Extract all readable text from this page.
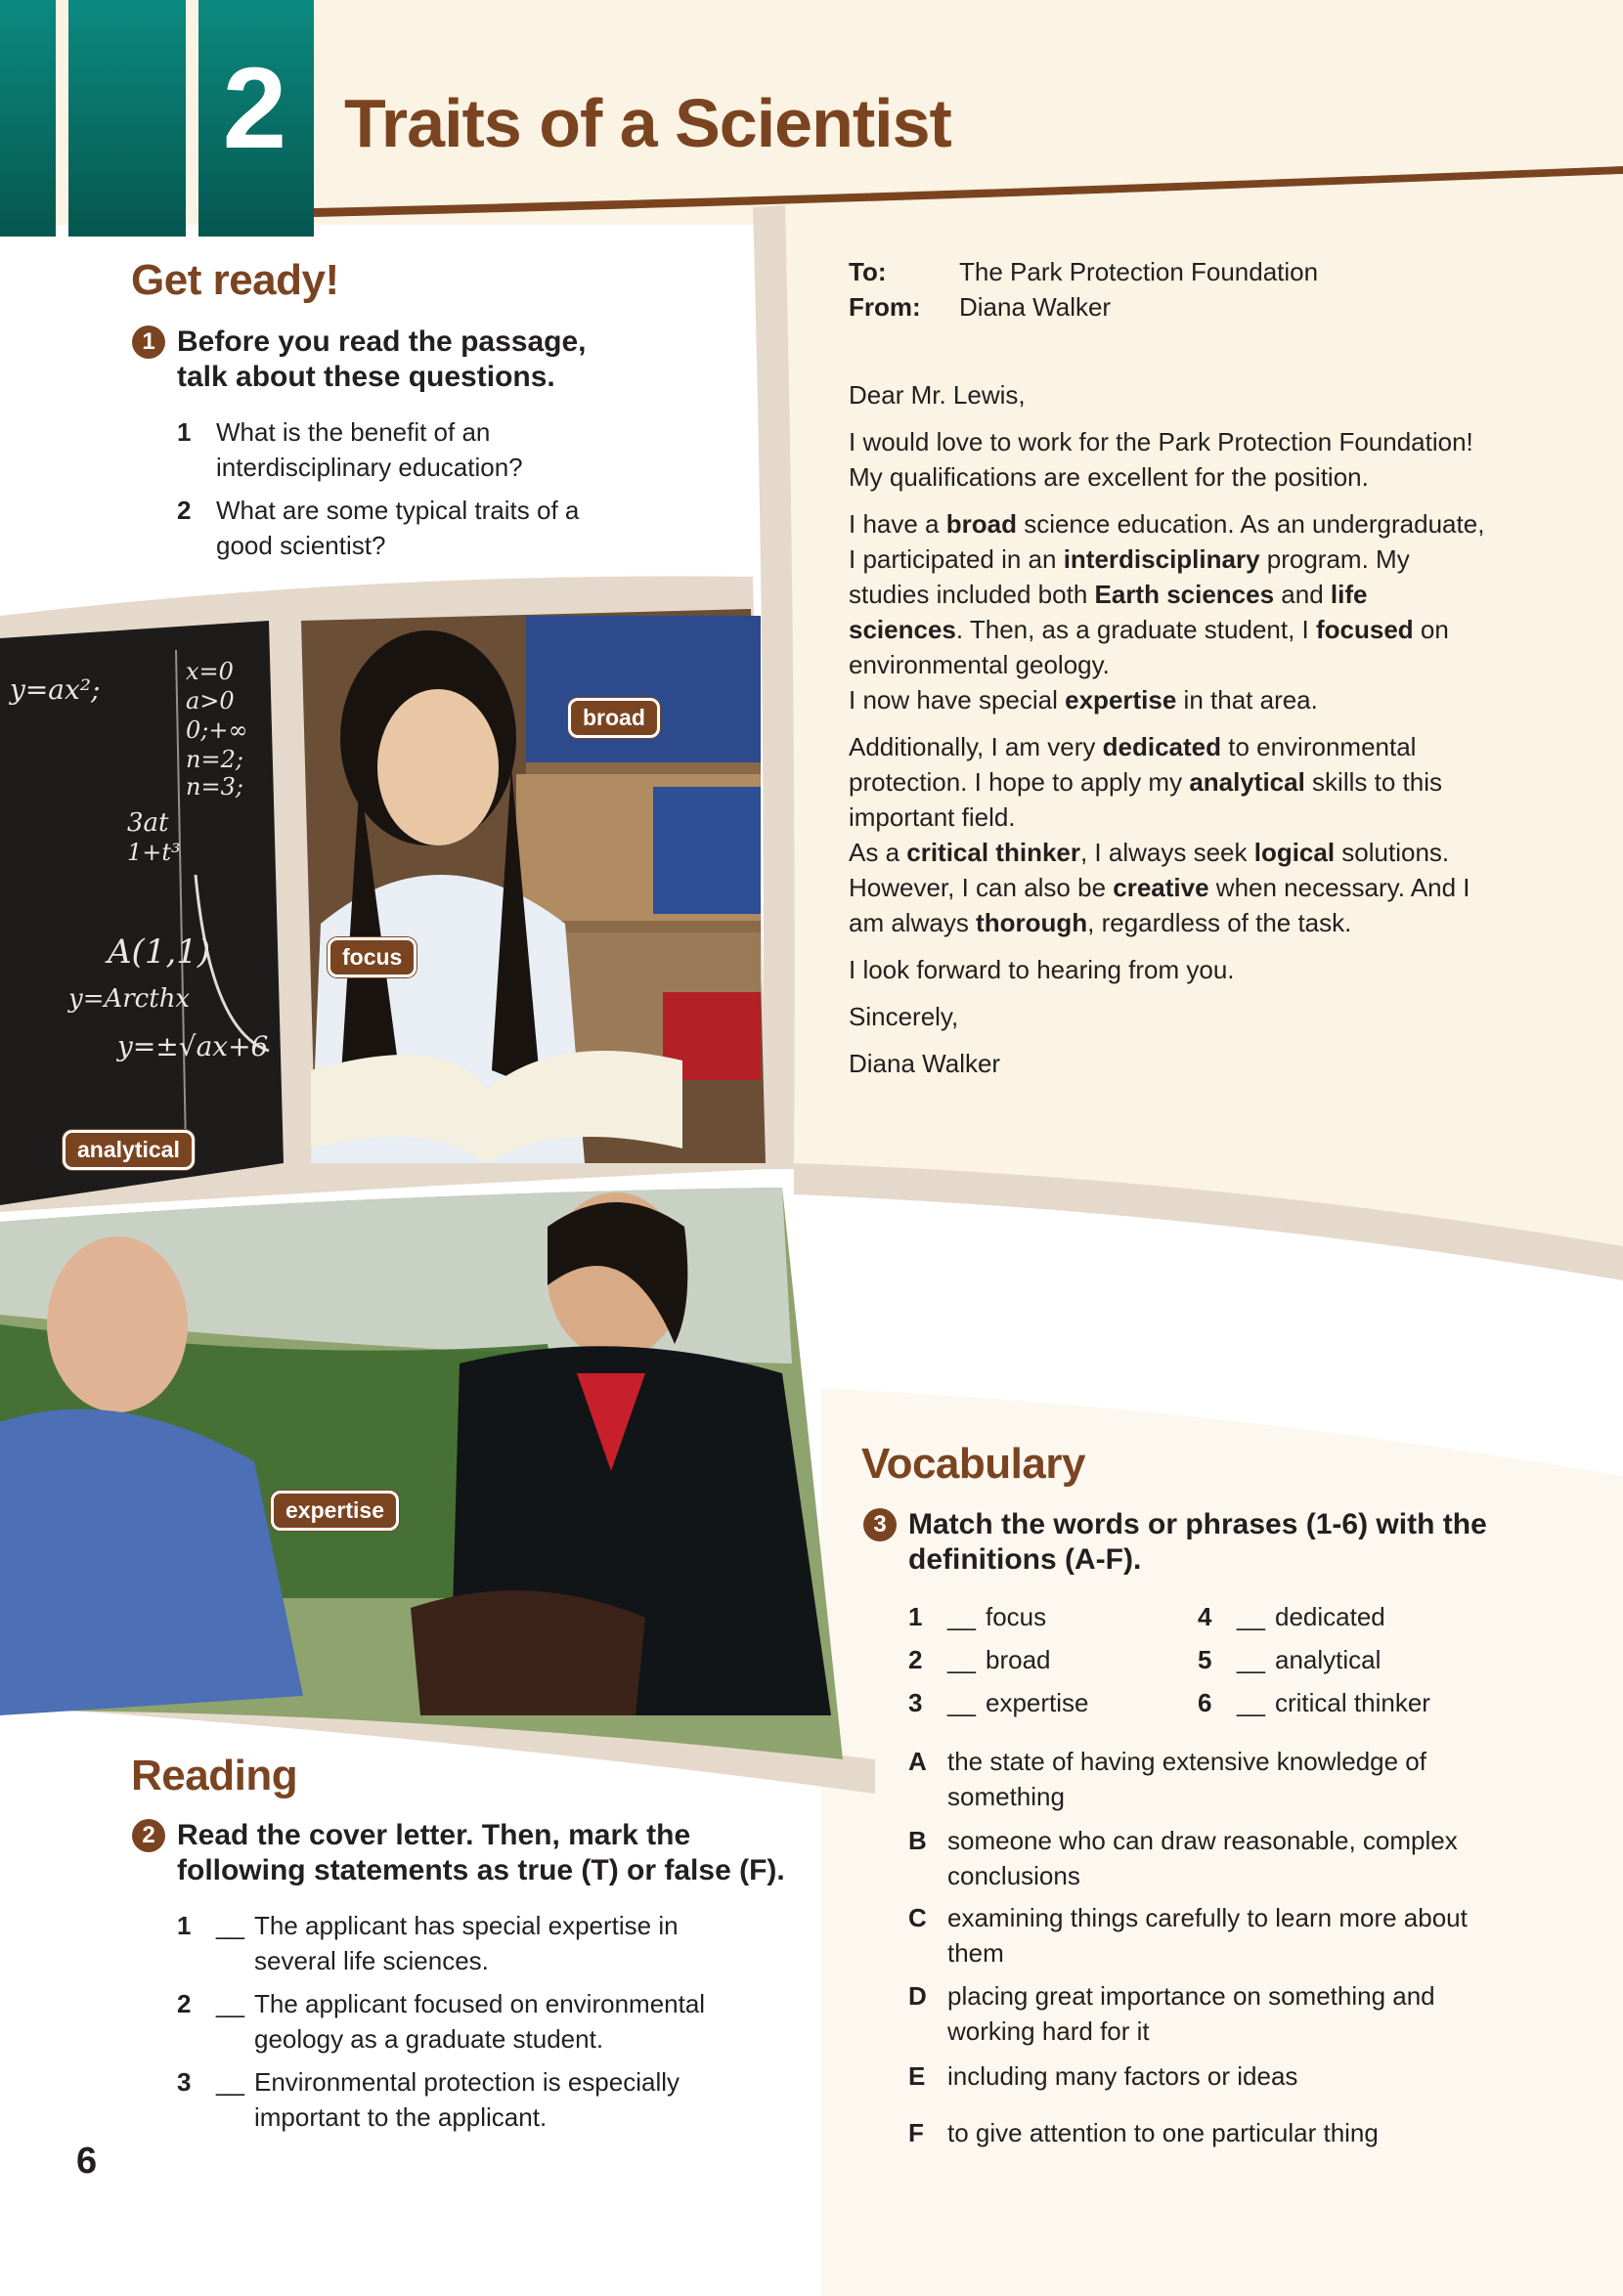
2 Traits of a Scientist
y=ax²;
x=0
a>0
0;+∞
n=2;
n=3;
3at
1+t³
A(1,1)
y=Arcthx
y=±√ax+6
broad
focus
analytical
expertise
Get ready!
1 Before you read the passage,
talk about these questions.
1 What is the benefit of an
interdisciplinary education?
2 What are some typical traits of a
good scientist?
To:	The Park Protection Foundation
From: Diana Walker

Dear Mr. Lewis,

I would love to work for the Park Protection Foundation!
My qualifications are excellent for the position.

I have a broad science education. As an undergraduate,
I participated in an interdisciplinary program. My
studies included both Earth sciences and life
sciences. Then, as a graduate student, I focused on
environmental geology.
I now have special expertise in that area.

Additionally, I am very dedicated to environmental
protection. I hope to apply my analytical skills to this
important field.
As a critical thinker, I always seek logical solutions.
However, I can also be creative when necessary. And I
am always thorough, regardless of the task.

I look forward to hearing from you.

Sincerely,

Diana Walker

Reading
2 Read the cover letter. Then, mark the
following statements as true (T) or false (F).
1 __ The applicant has special expertise in
several life sciences.
2 __ The applicant focused on environmental
geology as a graduate student.
3 __ Environmental protection is especially
important to the applicant.
Vocabulary
3 Match the words or phrases (1-6) with the
definitions (A-F).
1 __ focus
2 __ broad
3 __ expertise
4 __ dedicated
5 __ analytical
6 __ critical thinker
A the state of having extensive knowledge of
something
B someone who can draw reasonable, complex
conclusions
C examining things carefully to learn more about
them
D placing great importance on something and
working hard for it
E including many factors or ideas
F to give attention to one particular thing
6
